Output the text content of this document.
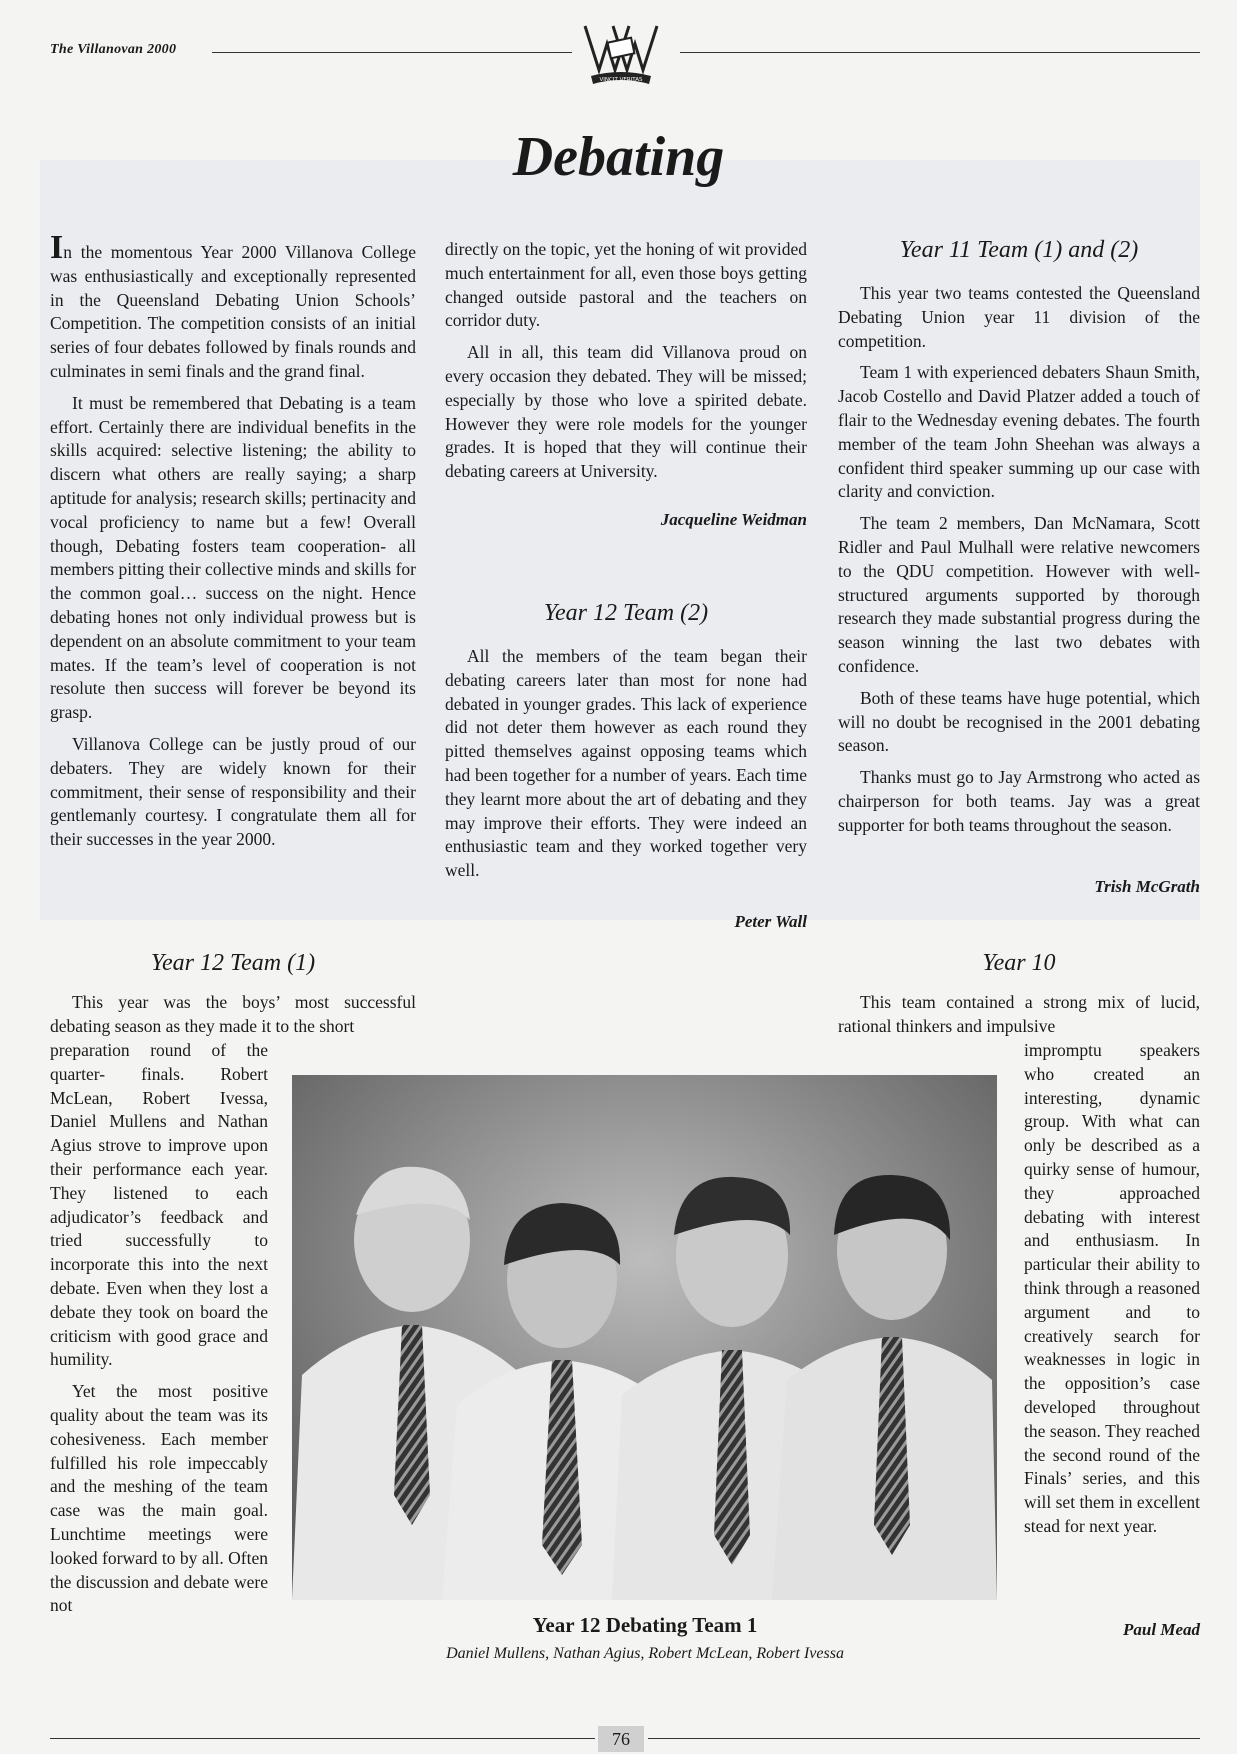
The Villanovan 2000
VINCIT VERITAS
Debating

In the momentous Year 2000 Villanova College was enthusiastically and exceptionally represented in the Queensland Debating Union Schools’ Competition. The competition consists of an initial series of four debates followed by finals rounds and culminates in semi finals and the grand final.

It must be remembered that Debating is a team effort. Certainly there are individual benefits in the skills acquired: selective listening; the ability to discern what others are really saying; a sharp aptitude for analysis; research skills; pertinacity and vocal proficiency to name but a few! Overall though, Debating fosters team cooperation- all members pitting their collective minds and skills for the common goal… success on the night. Hence debating hones not only individual prowess but is dependent on an absolute commitment to your team mates. If the team’s level of cooperation is not resolute then success will forever be beyond its grasp.

Villanova College can be justly proud of our debaters. They are widely known for their commitment, their sense of responsibility and their gentlemanly courtesy. I congratulate them all for their successes in the year 2000.

directly on the topic, yet the honing of wit provided much entertainment for all, even those boys getting changed outside pastoral and the teachers on corridor duty.

All in all, this team did Villanova proud on every occasion they debated. They will be missed; especially by those who love a spirited debate. However they were role models for the younger grades. It is hoped that they will continue their debating careers at University.

Jacqueline Weidman
Year 12 Team (2)

All the members of the team began their debating careers later than most for none had debated in younger grades. This lack of experience did not deter them however as each round they pitted themselves against opposing teams which had been together for a number of years. Each time they learnt more about the art of debating and they may improve their efforts. They were indeed an enthusiastic team and they worked together very well.

Peter Wall
Year 11 Team (1) and (2)

This year two teams contested the Queensland Debating Union year 11 division of the competition.

Team 1 with experienced debaters Shaun Smith, Jacob Costello and David Platzer added a touch of flair to the Wednesday evening debates. The fourth member of the team John Sheehan was always a confident third speaker summing up our case with clarity and conviction.

The team 2 members, Dan McNamara, Scott Ridler and Paul Mulhall were relative newcomers to the QDU competition. However with well-structured arguments supported by thorough research they made substantial progress during the season winning the last two debates with confidence.

Both of these teams have huge potential, which will no doubt be recognised in the 2001 debating season.

Thanks must go to Jay Armstrong who acted as chairperson for both teams. Jay was a great supporter for both teams throughout the season.

Trish McGrath
Year 12 Team (1)

This year was the boys’ most successful debating season as they made it to the short

preparation round of the quarter- finals. Robert McLean, Robert Ivessa, Daniel Mullens and Nathan Agius strove to improve upon their performance each year. They listened to each adjudicator’s feedback and tried successfully to incorporate this into the next debate. Even when they lost a debate they took on board the criticism with good grace and humility.

Yet the most positive quality about the team was its cohesiveness. Each member fulfilled his role impeccably and the meshing of the team case was the main goal. Lunchtime meetings were looked forward to by all. Often the discussion and debate were not

Year 10

This team contained a strong mix of lucid, rational thinkers and impulsive

impromptu speakers who created an interesting, dynamic group. With what can only be described as a quirky sense of humour, they approached debating with interest and enthusiasm. In particular their ability to think through a reasoned argument and to creatively search for weaknesses in logic in the opposition’s case developed throughout the season. They reached the second round of the Finals’ series, and this will set them in excellent stead for next year.

Paul Mead
Year 12 Debating Team 1
Daniel Mullens, Nathan Agius, Robert McLean, Robert Ivessa
76
